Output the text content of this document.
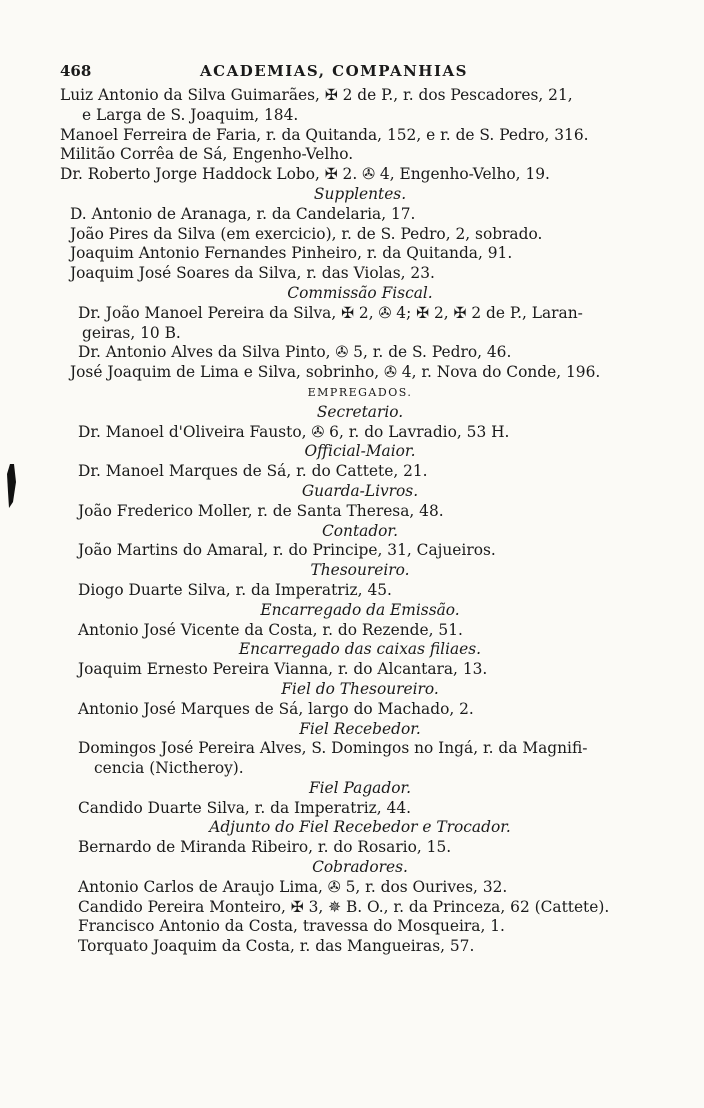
468	ACADEMIAS, COMPANHIAS
Luiz Antonio da Silva Guimarães, ✠ 2 de P., r. dos Pescadores, 21,
e Larga de S. Joaquim, 184.
Manoel Ferreira de Faria, r. da Quitanda, 152, e r. de S. Pedro, 316.
Militão Corrêa de Sá, Engenho-Velho.
Dr. Roberto Jorge Haddock Lobo, ✠ 2. ✇ 4, Engenho-Velho, 19.
Supplentes.
D. Antonio de Aranaga, r. da Candelaria, 17.
João Pires da Silva (em exercicio), r. de S. Pedro, 2, sobrado.
Joaquim Antonio Fernandes Pinheiro, r. da Quitanda, 91.
Joaquim José Soares da Silva, r. das Violas, 23.
Commissão Fiscal.
Dr. João Manoel Pereira da Silva, ✠ 2, ✇ 4; ✠ 2, ✠ 2 de P., Laran-
geiras, 10 B.
Dr. Antonio Alves da Silva Pinto, ✇ 5, r. de S. Pedro, 46.
José Joaquim de Lima e Silva, sobrinho, ✇ 4, r. Nova do Conde, 196.
EMPREGADOS.
Secretario.
Dr. Manoel d'Oliveira Fausto, ✇ 6, r. do Lavradio, 53 H.
Official-Maior.
Dr. Manoel Marques de Sá, r. do Cattete, 21.
Guarda-Livros.
João Frederico Moller, r. de Santa Theresa, 48.
Contador.
João Martins do Amaral, r. do Principe, 31, Cajueiros.
Thesoureiro.
Diogo Duarte Silva, r. da Imperatriz, 45.
Encarregado da Emissão.
Antonio José Vicente da Costa, r. do Rezende, 51.
Encarregado das caixas filiaes.
Joaquim Ernesto Pereira Vianna, r. do Alcantara, 13.
Fiel do Thesoureiro.
Antonio José Marques de Sá, largo do Machado, 2.
Fiel Recebedor.
Domingos José Pereira Alves, S. Domingos no Ingá, r. da Magnifi-
cencia (Nictheroy).
Fiel Pagador.
Candido Duarte Silva, r. da Imperatriz, 44.
Adjunto do Fiel Recebedor e Trocador.
Bernardo de Miranda Ribeiro, r. do Rosario, 15.
Cobradores.
Antonio Carlos de Araujo Lima, ✇ 5, r. dos Ourives, 32.
Candido Pereira Monteiro, ✠ 3, ✵ B. O., r. da Princeza, 62 (Cattete).
Francisco Antonio da Costa, travessa do Mosqueira, 1.
Torquato Joaquim da Costa, r. das Mangueiras, 57.
